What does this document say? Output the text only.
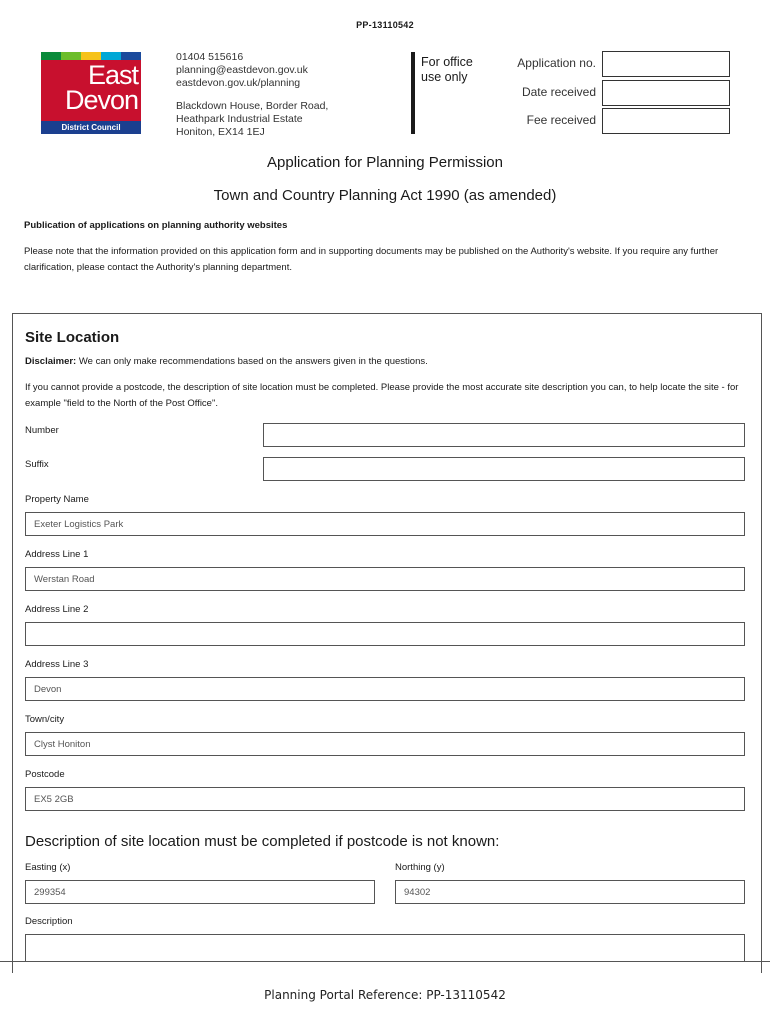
PP-13110542
East
Devon
District Council
01404 515616
planning@eastdevon.gov.uk
eastdevon.gov.uk/planning
Blackdown House, Border Road,
Heathpark Industrial Estate
Honiton, EX14 1EJ
For office
use only
Application no.
Date received
Fee received
Application for Planning Permission
Town and Country Planning Act 1990 (as amended)
Publication of applications on planning authority websites
Please note that the information provided on this application form and in supporting documents may be published on the Authority's website. If you require any further clarification, please contact the Authority's planning department.
Site Location
Disclaimer: We can only make recommendations based on the answers given in the questions.
If you cannot provide a postcode, the description of site location must be completed. Please provide the most accurate site description you can, to help locate the site - for example "field to the North of the Post Office".
Number
Suffix
Property Name
Exeter Logistics Park
Address Line 1
Werstan Road
Address Line 2
Address Line 3
Devon
Town/city
Clyst Honiton
Postcode
EX5 2GB
Description of site location must be completed if postcode is not known:
Easting (x)
299354
Northing (y)
94302
Description
Planning Portal Reference: PP-13110542
